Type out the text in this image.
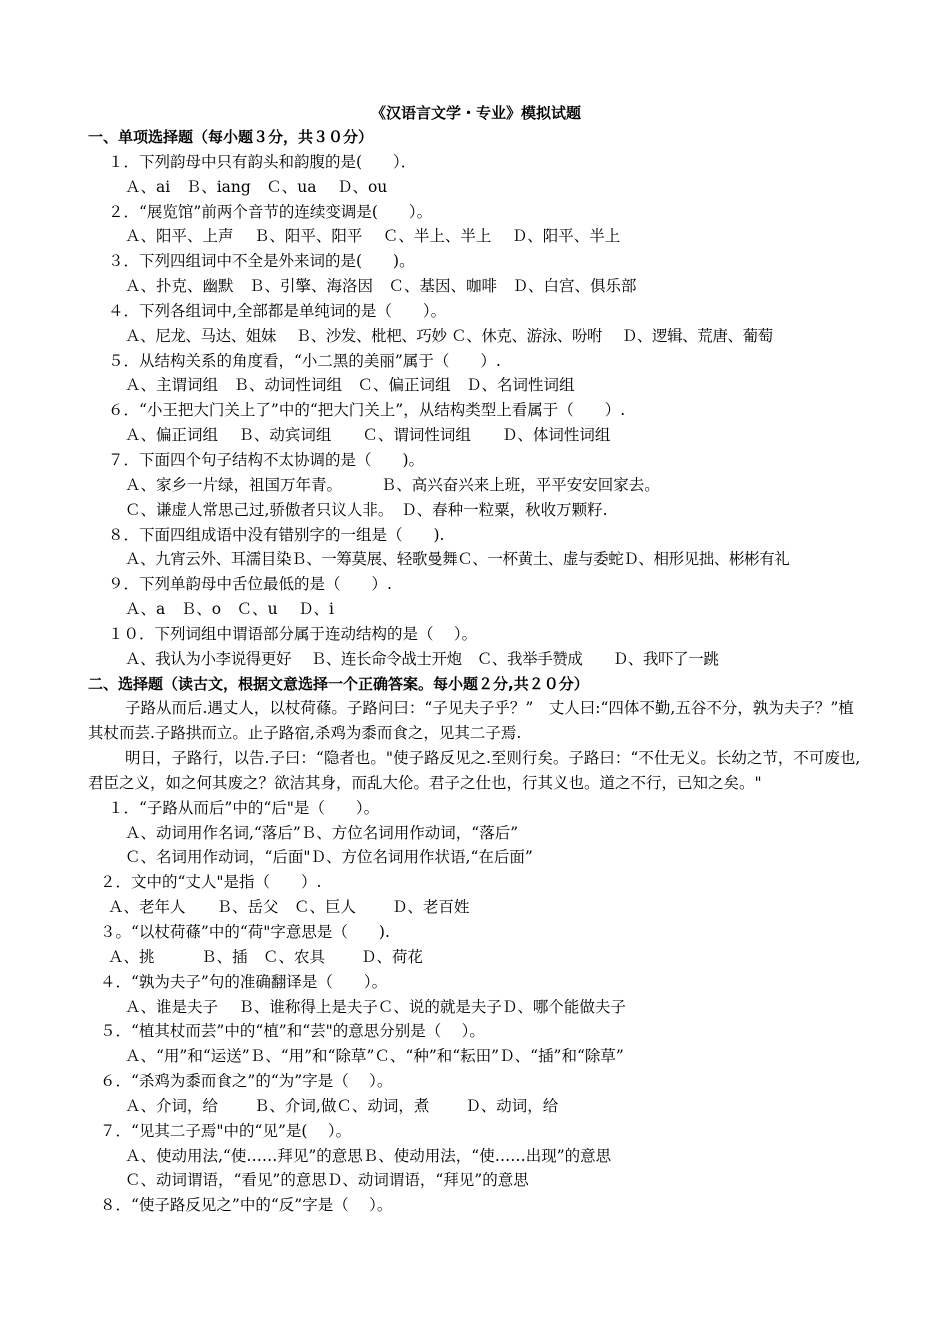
《汉语言文学・专业》模拟试题
一、单项选择题（每小题３分，共３０分）
１．下列韵母中只有韵头和韵腹的是(　　）．
Ａ、ai　Ｂ、iang　Ｃ、ua　 Ｄ、ou
２．“展览馆”前两个音节的连续变调是(　　）。
Ａ、阳平、上声　 Ｂ、阳平、阳平　 Ｃ、半上、半上　 Ｄ、阳平、半上
３．下列四组词中不全是外来词的是(　　)。
Ａ、扑克、幽默　Ｂ、引擎、海洛因　Ｃ、基因、咖啡　Ｄ、白宫、俱乐部
４．下列各组词中,全部都是单纯词的是（　　）。
Ａ、尼龙、马达、姐妹　 Ｂ、沙发、枇杷、巧妙 Ｃ、休克、游泳、吩咐　 Ｄ、逻辑、荒唐、葡萄
５．从结构关系的角度看，“小二黑的美丽”属于（　　）.
Ａ、主谓词组　Ｂ、动词性词组　Ｃ、偏正词组　Ｄ、名词性词组
６．“小王把大门关上了”中的“把大门关上”，从结构类型上看属于（　　）.
Ａ、偏正词组　 Ｂ、动宾词组　　Ｃ、谓词性词组　　Ｄ、体词性词组
７．下面四个句子结构不太协调的是（　　)。
Ａ、家乡一片绿，祖国万年青。　　　Ｂ、高兴奋兴来上班，平平安安回家去。
Ｃ、谦虚人常思己过,骄傲者只议人非。　Ｄ、春种一粒粟，秋收万颗籽.
８．下面四组成语中没有错别字的一组是（　　).
Ａ、九宵云外、耳濡目染Ｂ、一筹莫展、轻歌曼舞Ｃ、一杯黄土、虚与委蛇Ｄ、相形见拙、彬彬有礼
９．下列单韵母中舌位最低的是（　　）.
Ａ、a　Ｂ、o　Ｃ、u　 Ｄ、i
１０．下列词组中谓语部分属于连动结构的是（　 ）。
Ａ、我认为小李说得更好　 Ｂ、连长命令战士开炮　Ｃ、我举手赞成　　Ｄ、我吓了一跳
二、选择题（读古文，根据文意选择一个正确答案。每小题２分,共２０分）
子路从而后.遇丈人，以杖荷蓧。子路问曰：“子见夫子乎？”　丈人曰:“四体不勤,五谷不分，孰为夫子？”植其杖而芸.子路拱而立。止子路宿,杀鸡为黍而食之，见其二子焉.
明日，子路行，以告.子曰：“隐者也。"使子路反见之.至则行矣。子路曰：“不仕无义。长幼之节，不可废也,君臣之义，如之何其废之？欲洁其身，而乱大伦。君子之仕也，行其义也。道之不行，已知之矣。"
１．“子路从而后”中的“后"是（　　）。
Ａ、动词用作名词,“落后”Ｂ、方位名词用作动词，“落后”
Ｃ、名词用作动词，“后面"Ｄ、方位名词用作状语,“在后面”
２．文中的“丈人"是指（　　）.
Ａ、老年人　　Ｂ、岳父　Ｃ、巨人　　 Ｄ、老百姓
３。“以杖荷蓧”中的“荷"字意思是（　　).
Ａ、挑　　　Ｂ、插　Ｃ、农具　　 Ｄ、荷花
４．“孰为夫子”句的准确翻译是（　　）。
Ａ、谁是夫子　 Ｂ、谁称得上是夫子Ｃ、说的就是夫子Ｄ、哪个能做夫子
５．“植其杖而芸”中的“植”和“芸"的意思分别是（　 ）。
Ａ、“用”和“运送”Ｂ、“用”和“除草”Ｃ、“种”和“耘田”Ｄ、“插”和“除草”
６．“杀鸡为黍而食之”的“为”字是（　 ）。
Ａ、介词，给　　 Ｂ、介词,做Ｃ、动词，煮　　 Ｄ、动词，给
７．“见其二子焉"中的“见”是(　 ）。
Ａ、使动用法,“使……拜见”的意思Ｂ、使动用法，“使……出现”的意思
Ｃ、动词谓语，“看见”的意思Ｄ、动词谓语，“拜见”的意思
８．“使子路反见之”中的“反”字是（　 ）。
